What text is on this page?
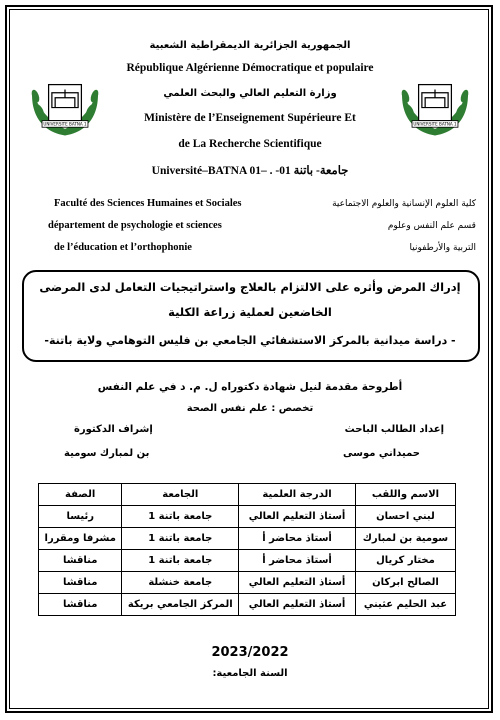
الجمهورية الجزائرية الديمقراطية الشعبية
République Algérienne Démocratique et populaire
وزارة التعليم العالي والبحث العلمي
Ministère de l’Enseignement Supérieure Et
de La Recherche Scientifique
Université–BATNA 01– . -01 جامعة- باتنة
UNIVERSITE BATNA 1	UNIVERSITE BATNA 1
Faculté des Sciences Humaines et Sociales
département de psychologie et sciences
de l’éducation et l’orthophonie
كلية العلوم الإنسانية والعلوم الاجتماعية
قسم علم النفس وعلوم
التربية والأرطفونيا
إدراك المرض وأثره على الالتزام بالعلاج واستراتيجيات التعامل لدى المرضى
الخاضعين لعملية زراعة الكلية
- دراسة ميدانية بالمركز الاستشفائي الجامعي بن فليس التوهامي ولاية باتنة-
أطروحة مقدمة لنيل شهادة دكتوراه ل. م. د في علم النفس
تخصص : علم نفس الصحة
إعداد الطالب الباحث
حميداني موسى
إشراف الدكتورة
بن لمبارك سومية
الاسم واللقب	الدرجة العلمية	الجامعة	الصفة
لبني احسان	أستاذ التعليم العالي	جامعة باتنة 1	رئيسا
سومية بن لمبارك	أستاذ محاضر أ	جامعة باتنة 1	مشرفا ومقررا
مختار كريال	أستاذ محاضر أ	جامعة باتنة 1	مناقشا
الصالح ابركان	أستاذ التعليم العالي	جامعة خنشلة	مناقشا
عبد الحليم عثيني	أستاذ التعليم العالي	المركز الجامعي بريكة	مناقشا
2023/2022
السنة الجامعية:
